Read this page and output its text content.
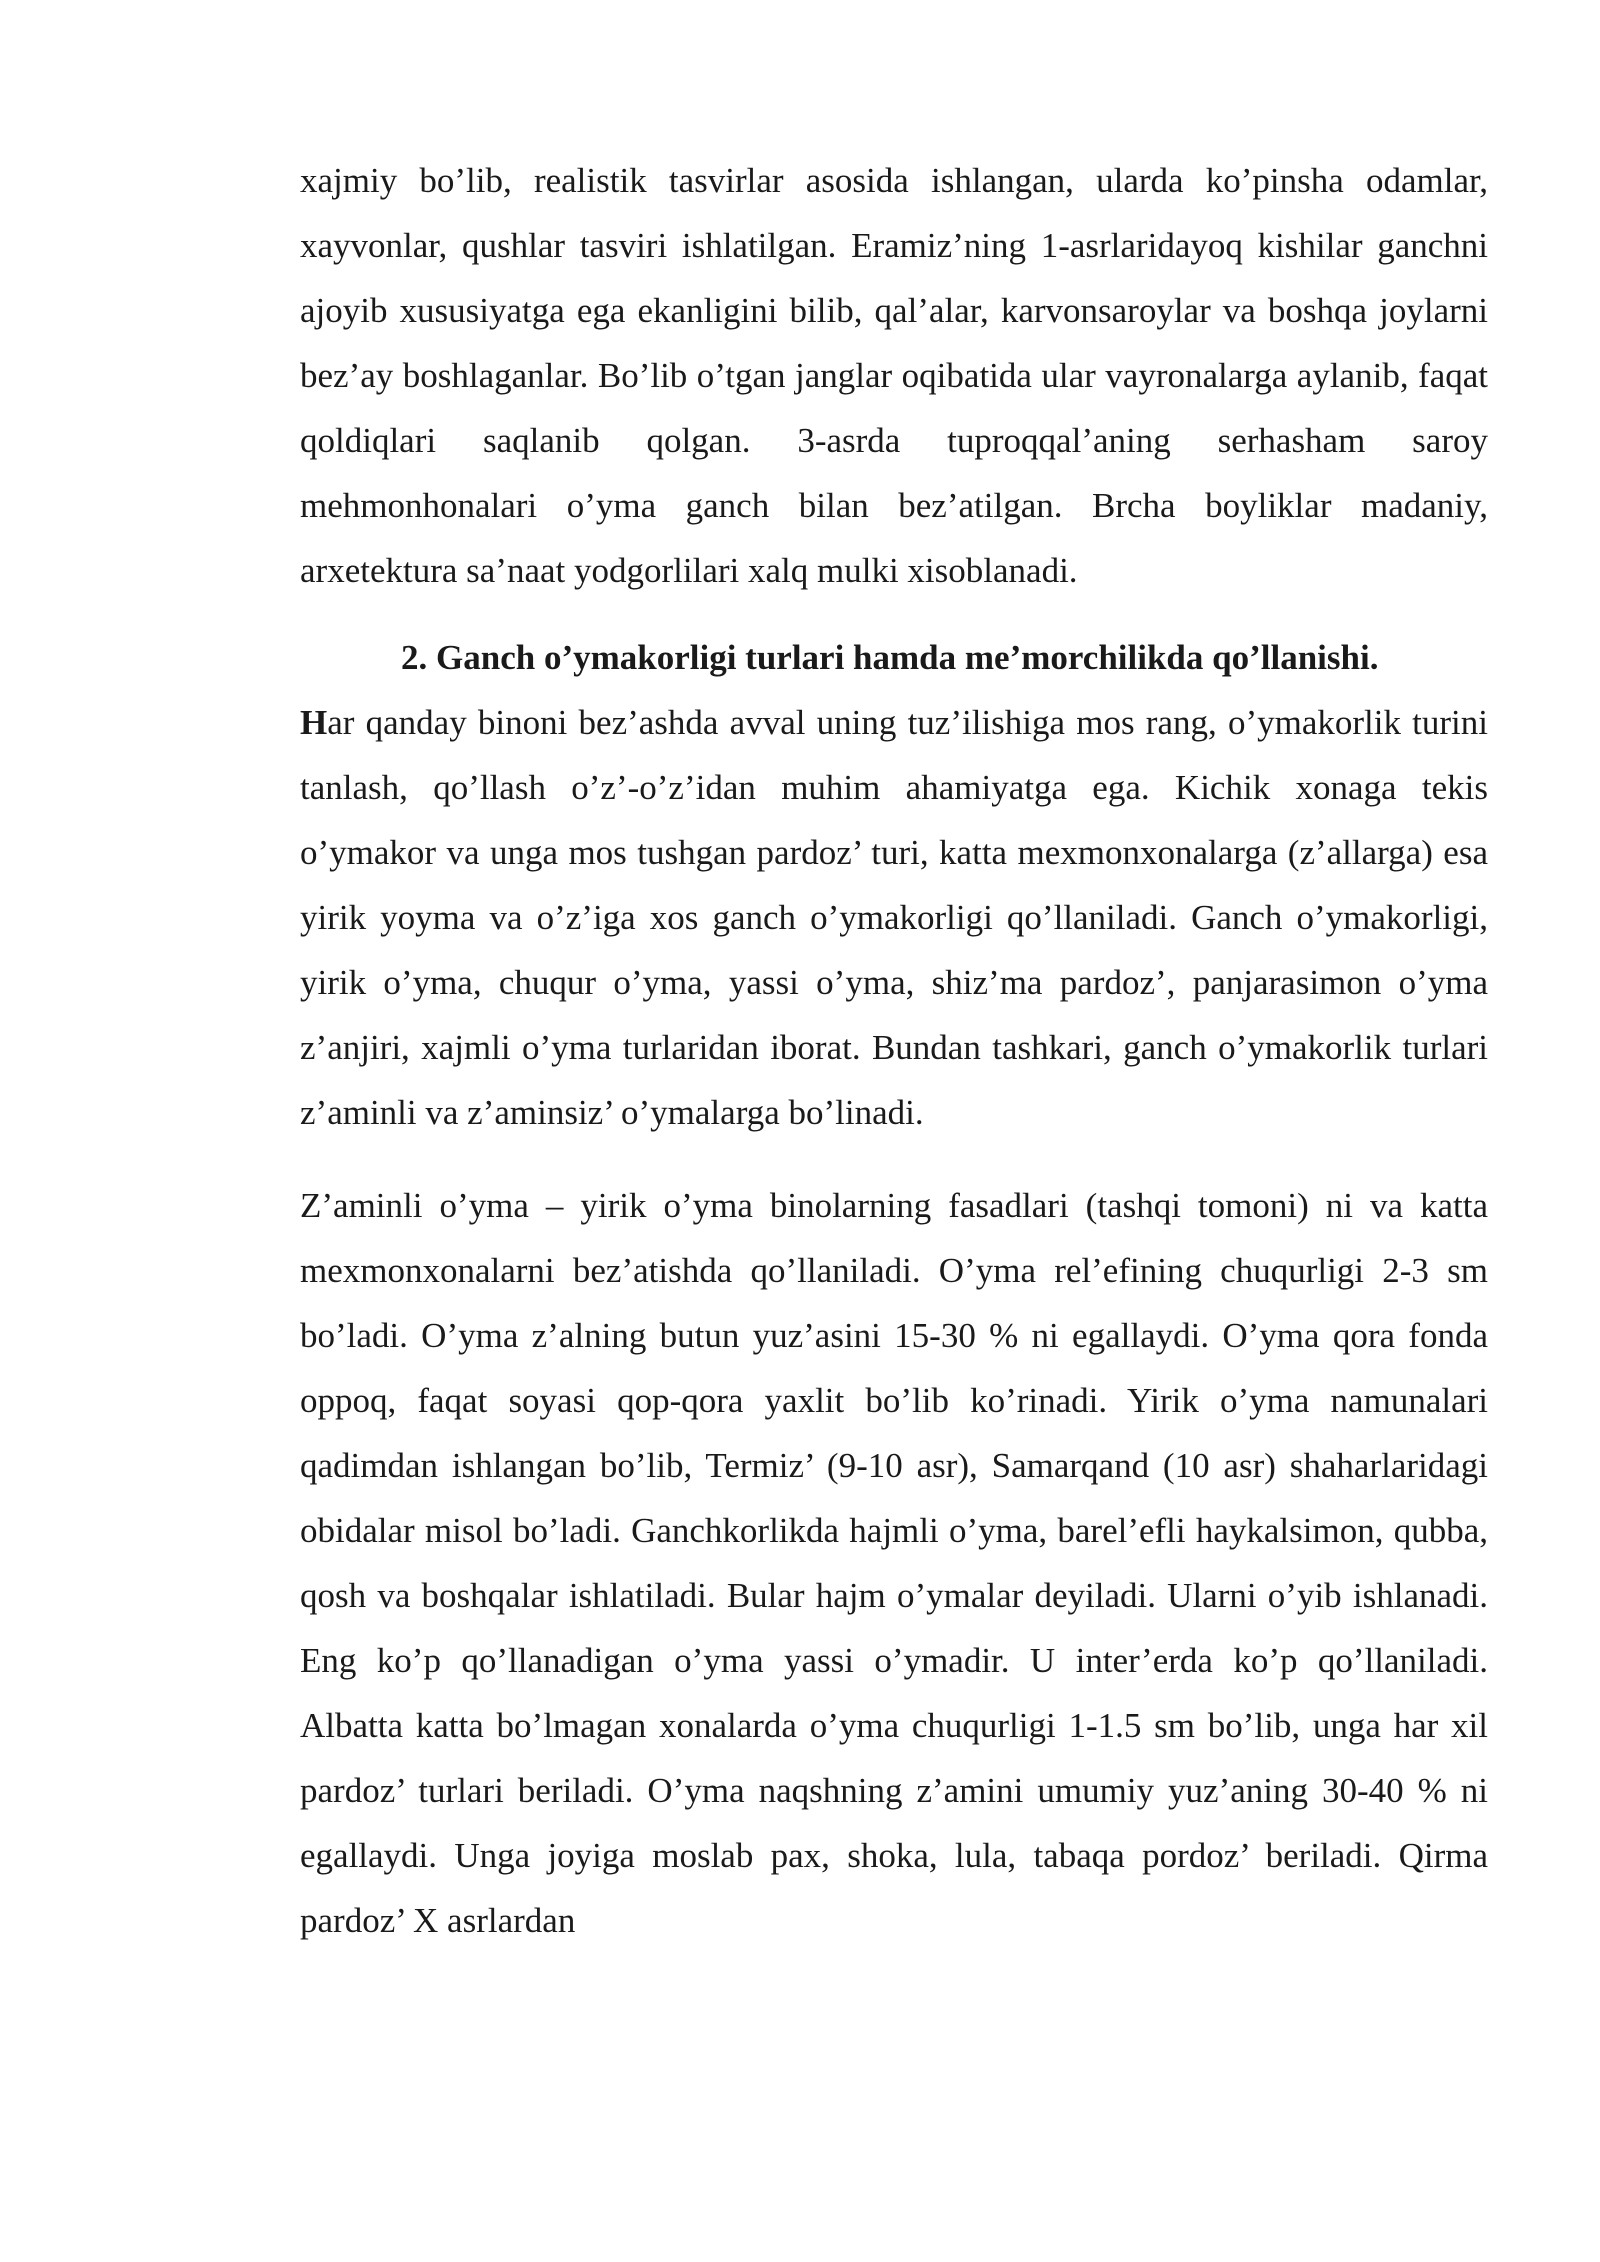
xajmiy bo’lib, realistik tasvirlar asosida ishlangan, ularda ko’pinsha odamlar, xayvonlar, qushlar tasviri ishlatilgan. Eramiz’ning 1-asrlaridayoq kishilar ganchni ajoyib xususiyatga ega ekanligini bilib, qal’alar, karvonsaroylar va boshqa joylarni bez’ay boshlaganlar. Bo’lib o’tgan janglar oqibatida ular vayronalarga aylanib, faqat qoldiqlari saqlanib qolgan. 3-asrda tuproqqal’aning serhasham saroy mehmonhonalari o’yma ganch bilan bez’atilgan. Brcha boyliklar madaniy, arxetektura sa’naat yodgorlilari xalq mulki xisoblanadi.

2. Ganch o’ymakorligi turlari hamda me’morchilikda qo’llanishi.

Har qanday binoni bez’ashda avval uning tuz’ilishiga mos rang, o’ymakorlik turini tanlash, qo’llash o’z’-o’z’idan muhim ahamiyatga ega. Kichik xonaga tekis o’ymakor va unga mos tushgan pardoz’ turi, katta mexmonxonalarga (z’allarga) esa yirik yoyma va o’z’iga xos ganch o’ymakorligi qo’llaniladi. Ganch o’ymakorligi, yirik o’yma, chuqur o’yma, yassi o’yma, shiz’ma pardoz’, panjarasimon o’yma z’anjiri, xajmli o’yma turlaridan iborat. Bundan tashkari, ganch o’ymakorlik turlari z’aminli va z’aminsiz’ o’ymalarga bo’linadi.

Z’aminli o’yma – yirik o’yma binolarning fasadlari (tashqi tomoni) ni va katta mexmonxonalarni bez’atishda qo’llaniladi. O’yma rel’efining chuqurligi 2-3 sm bo’ladi. O’yma z’alning butun yuz’asini 15-30 % ni egallaydi. O’yma qora fonda oppoq, faqat soyasi qop-qora yaxlit bo’lib ko’rinadi. Yirik o’yma namunalari qadimdan ishlangan bo’lib, Termiz’ (9-10 asr), Samarqand (10 asr) shaharlaridagi obidalar misol bo’ladi. Ganchkorlikda hajmli o’yma, barel’efli haykalsimon, qubba, qosh va boshqalar ishlatiladi. Bular hajm o’ymalar deyiladi. Ularni o’yib ishlanadi. Eng ko’p qo’llanadigan o’yma yassi o’ymadir. U inter’erda ko’p qo’llaniladi. Albatta katta bo’lmagan xonalarda o’yma chuqurligi 1-1.5 sm bo’lib, unga har xil pardoz’ turlari beriladi. O’yma naqshning z’amini umumiy yuz’aning 30-40 % ni egallaydi. Unga joyiga moslab pax, shoka, lula, tabaqa pordoz’ beriladi. Qirma pardoz’ X asrlardan
